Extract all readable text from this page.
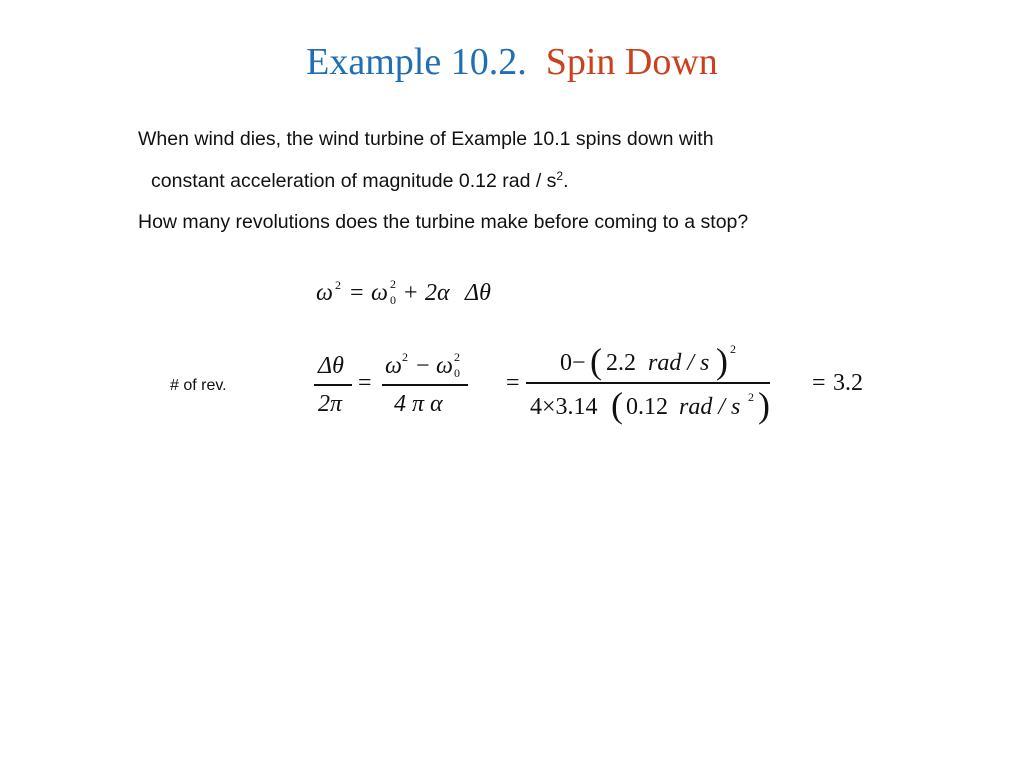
Example 10.2. Spin Down
When wind dies, the wind turbine of Example 10.1 spins down with
constant acceleration of magnitude 0.12 rad / $s^2$.
How many revolutions does the turbine make before coming to a stop?
ω 2 = ω 2
0 + 2α Δθ
# of rev.
Δθ
2π
=
ω 2 − ω 2
0
4 π α
=
0− ( 2.2 rad / s ) 2
4×3.14 ( 0.12 rad / s 2 )
= 3.2
